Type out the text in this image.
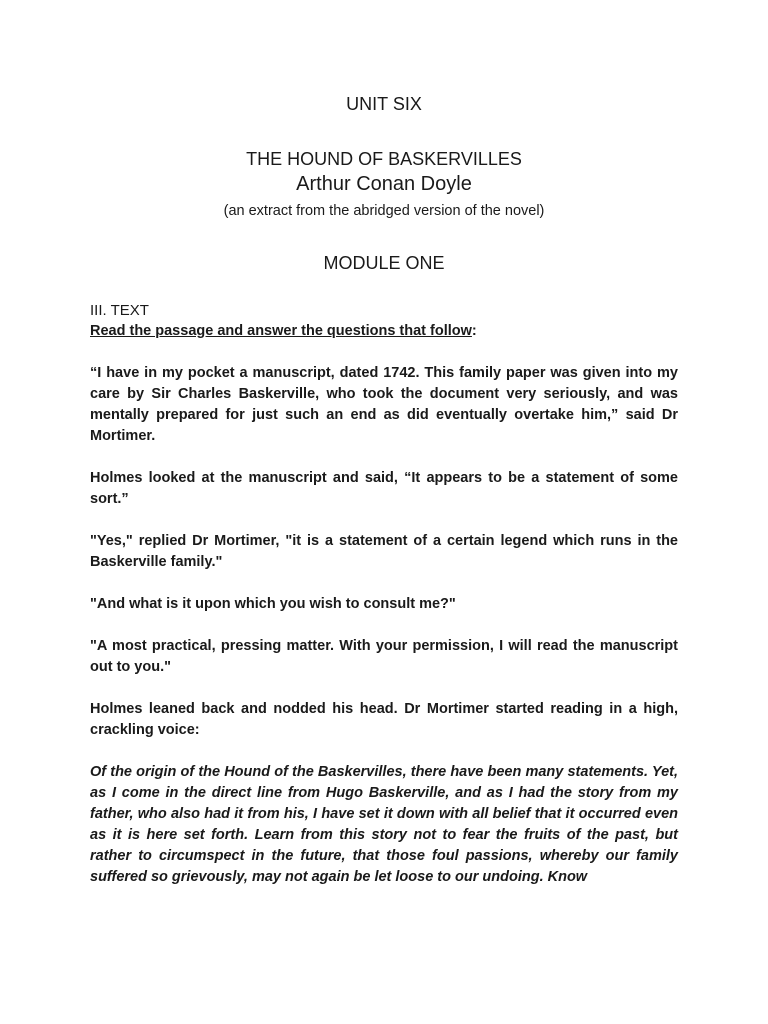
UNIT SIX
THE HOUND OF BASKERVILLES
Arthur Conan Doyle
(an extract from the abridged version of the novel)
MODULE ONE
III. TEXT
Read the passage and answer the questions that follow:

“I have in my pocket a manuscript, dated 1742. This family paper was given into my care by Sir Charles Baskerville, who took the document very seriously, and was mentally prepared for just such an end as did eventually overtake him,” said Dr Mortimer.

Holmes looked at the manuscript and said, “It appears to be a statement of some sort.”

"Yes," replied Dr Mortimer, "it is a statement of a certain legend which runs in the Baskerville family."

"And what is it upon which you wish to consult me?"

"A most practical, pressing matter. With your permission, I will read the manuscript out to you."

Holmes leaned back and nodded his head. Dr Mortimer started reading in a high, crackling voice:

Of the origin of the Hound of the Baskervilles, there have been many statements. Yet, as I come in the direct line from Hugo Baskerville, and as I had the story from my father, who also had it from his, I have set it down with all belief that it occurred even as it is here set forth. Learn from this story not to fear the fruits of the past, but rather to circumspect in the future, that those foul passions, whereby our family suffered so grievously, may not again be let loose to our undoing. Know
